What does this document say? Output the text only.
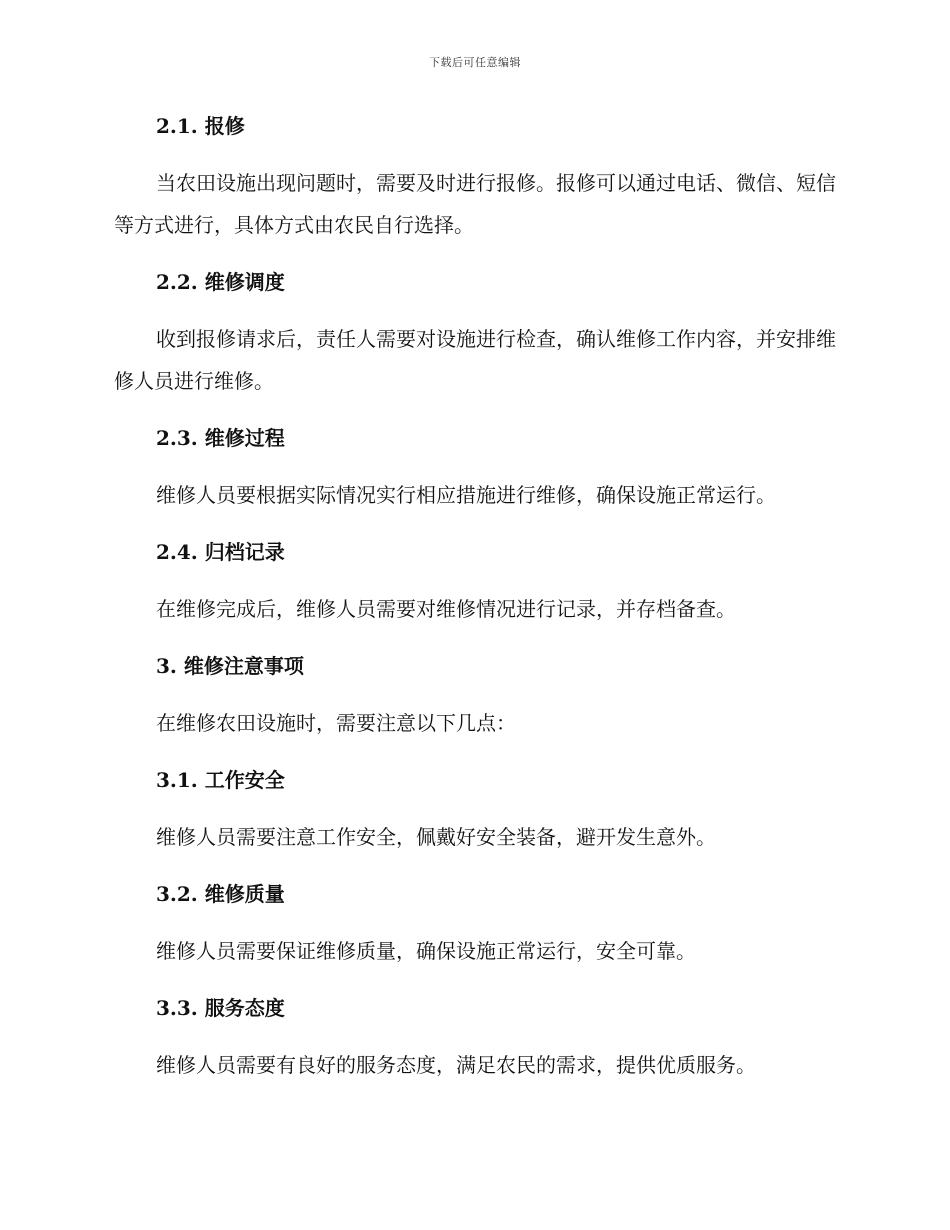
下载后可任意编辑
2.1. 报修

当农田设施出现问题时，需要及时进行报修。报修可以通过电话、微信、短信等方式进行，具体方式由农民自行选择。

2.2. 维修调度

收到报修请求后，责任人需要对设施进行检查，确认维修工作内容，并安排维修人员进行维修。

2.3. 维修过程

维修人员要根据实际情况实行相应措施进行维修，确保设施正常运行。

2.4. 归档记录

在维修完成后，维修人员需要对维修情况进行记录，并存档备查。

3. 维修注意事项

在维修农田设施时，需要注意以下几点：

3.1. 工作安全

维修人员需要注意工作安全，佩戴好安全装备，避开发生意外。

3.2. 维修质量

维修人员需要保证维修质量，确保设施正常运行，安全可靠。

3.3. 服务态度

维修人员需要有良好的服务态度，满足农民的需求，提供优质服务。
